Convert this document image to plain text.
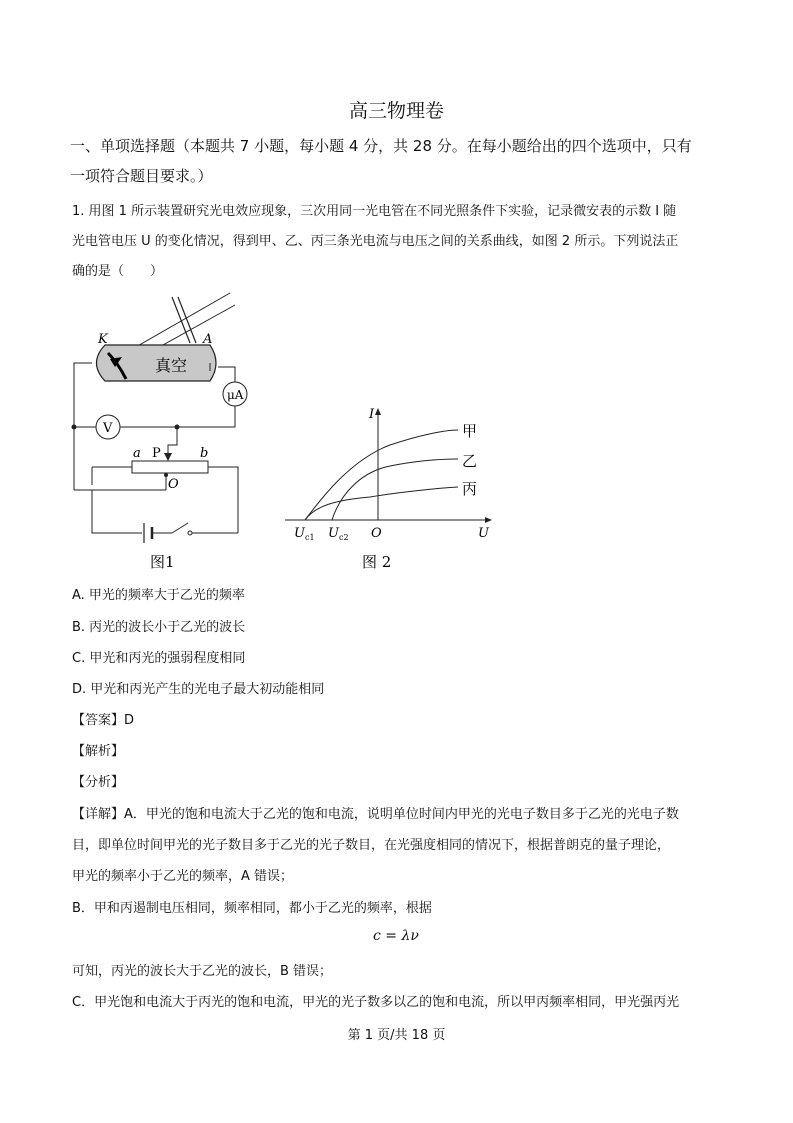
高三物理卷
一、单项选择题（本题共 7 小题，每小题 4 分，共 28 分。在每小题给出的四个选项中，只有
一项符合题目要求。）
1. 用图 1 所示装置研究光电效应现象，三次用同一光电管在不同光照条件下实验，记录微安表的示数 I 随
光电管电压 U 的变化情况，得到甲、乙、丙三条光电流与电压之间的关系曲线，如图 2 所示。下列说法正
确的是（　　）
K	A
真空
μA
V
a P	b
O
图1
I
U
O
甲
乙
丙
$U_{c1}$ $U_{c2}$
图 2
A. 甲光的频率大于乙光的频率
B. 丙光的波长小于乙光的波长
C. 甲光和丙光的强弱程度相同
D. 甲光和丙光产生的光电子最大初动能相同
【答案】D
【解析】
【分析】
【详解】A．甲光的饱和电流大于乙光的饱和电流，说明单位时间内甲光的光电子数目多于乙光的光电子数
目，即单位时间甲光的光子数目多于乙光的光子数目，在光强度相同的情况下，根据普朗克的量子理论，
甲光的频率小于乙光的频率，A 错误；
B．甲和丙遏制电压相同，频率相同，都小于乙光的频率，根据
c = λν
可知，丙光的波长大于乙光的波长，B 错误；
C．甲光饱和电流大于丙光的饱和电流，甲光的光子数多以乙的饱和电流，所以甲丙频率相同，甲光强丙光
第 1 页/共 18 页
